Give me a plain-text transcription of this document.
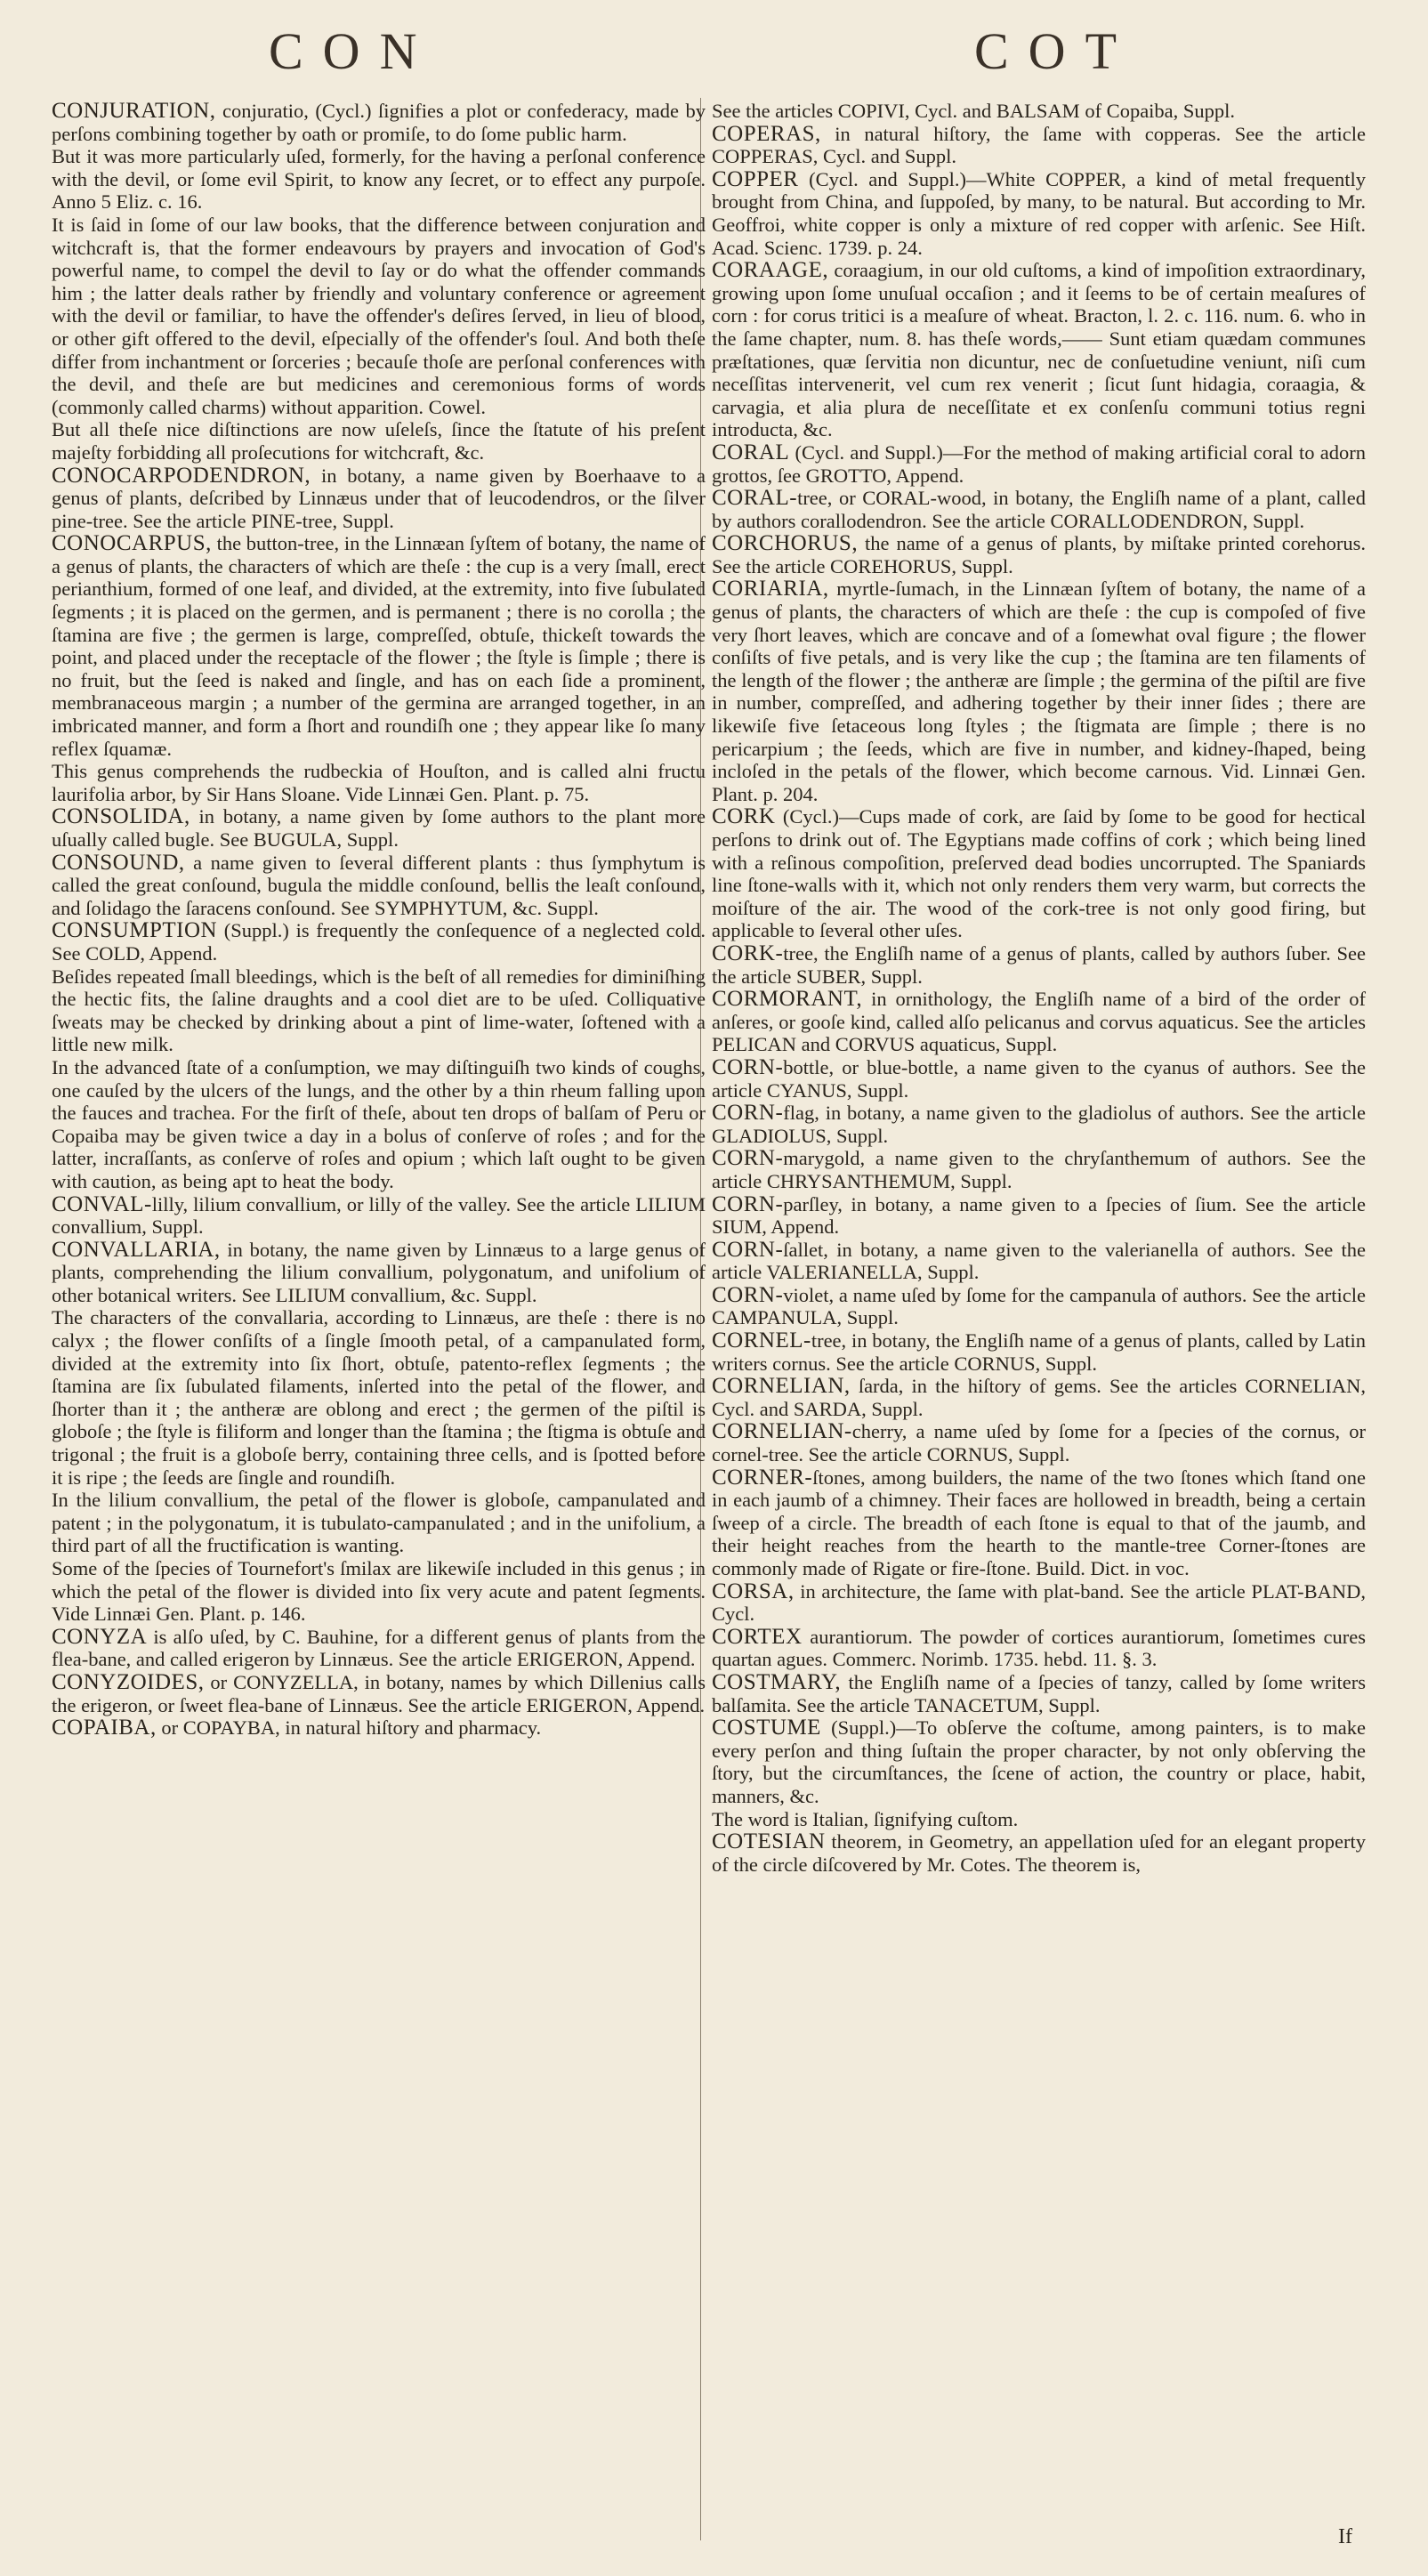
CON	COT

CONJURATION, conjuratio, (Cycl.) ſignifies a plot or confederacy, made by perſons combining together by oath or promiſe, to do ſome public harm.

But it was more particularly uſed, formerly, for the having a perſonal conference with the devil, or ſome evil Spirit, to know any ſecret, or to effect any purpoſe. Anno 5 Eliz. c. 16.

It is ſaid in ſome of our law books, that the difference between conjuration and witchcraft is, that the former endeavours by prayers and invocation of God's powerful name, to compel the devil to ſay or do what the offender commands him ; the latter deals rather by friendly and voluntary conference or agreement with the devil or familiar, to have the offender's deſires ſerved, in lieu of blood, or other gift offered to the devil, eſpecially of the offender's ſoul. And both theſe differ from inchantment or ſorceries ; becauſe thoſe are perſonal conferences with the devil, and theſe are but medicines and ceremonious forms of words (commonly called charms) without apparition. Cowel.

But all theſe nice diſtinctions are now uſeleſs, ſince the ſtatute of his preſent majeſty forbidding all proſecutions for witchcraft, &c.

CONOCARPODENDRON, in botany, a name given by Boerhaave to a genus of plants, deſcribed by Linnæus under that of leucodendros, or the ſilver pine-tree. See the article PINE-tree, Suppl.

CONOCARPUS, the button-tree, in the Linnæan ſyſtem of botany, the name of a genus of plants, the characters of which are theſe : the cup is a very ſmall, erect perianthium, formed of one leaf, and divided, at the extremity, into five ſubulated ſegments ; it is placed on the germen, and is permanent ; there is no corolla ; the ſtamina are five ; the germen is large, compreſſed, obtuſe, thickeſt towards the point, and placed under the receptacle of the flower ; the ſtyle is ſimple ; there is no fruit, but the ſeed is naked and ſingle, and has on each ſide a prominent, membranaceous margin ; a number of the germina are arranged together, in an imbricated manner, and form a ſhort and roundiſh one ; they appear like ſo many reflex ſquamæ.

This genus comprehends the rudbeckia of Houſton, and is called alni fructu laurifolia arbor, by Sir Hans Sloane. Vide Linnæi Gen. Plant. p. 75.

CONSOLIDA, in botany, a name given by ſome authors to the plant more uſually called bugle. See BUGULA, Suppl.

CONSOUND, a name given to ſeveral different plants : thus ſymphytum is called the great conſound, bugula the middle conſound, bellis the leaſt conſound, and ſolidago the ſaracens conſound. See SYMPHYTUM, &c. Suppl.

CONSUMPTION (Suppl.) is frequently the conſequence of a neglected cold. See COLD, Append.

Beſides repeated ſmall bleedings, which is the beſt of all remedies for diminiſhing the hectic fits, the ſaline draughts and a cool diet are to be uſed. Colliquative ſweats may be checked by drinking about a pint of lime-water, ſoftened with a little new milk.

In the advanced ſtate of a conſumption, we may diſtinguiſh two kinds of coughs, one cauſed by the ulcers of the lungs, and the other by a thin rheum falling upon the fauces and trachea. For the firſt of theſe, about ten drops of balſam of Peru or Copaiba may be given twice a day in a bolus of conſerve of roſes ; and for the latter, incraſſants, as conſerve of roſes and opium ; which laſt ought to be given with caution, as being apt to heat the body.

CONVAL-lilly, lilium convallium, or lilly of the valley. See the article LILIUM convallium, Suppl.

CONVALLARIA, in botany, the name given by Linnæus to a large genus of plants, comprehending the lilium convallium, polygonatum, and unifolium of other botanical writers. See LILIUM convallium, &c. Suppl.

The characters of the convallaria, according to Linnæus, are theſe : there is no calyx ; the flower conſiſts of a ſingle ſmooth petal, of a campanulated form, divided at the extremity into ſix ſhort, obtuſe, patento-reflex ſegments ; the ſtamina are ſix ſubulated filaments, inſerted into the petal of the flower, and ſhorter than it ; the antheræ are oblong and erect ; the germen of the piſtil is globoſe ; the ſtyle is filiform and longer than the ſtamina ; the ſtigma is obtuſe and trigonal ; the fruit is a globoſe berry, containing three cells, and is ſpotted before it is ripe ; the ſeeds are ſingle and roundiſh.

In the lilium convallium, the petal of the flower is globoſe, campanulated and patent ; in the polygonatum, it is tubulato-campanulated ; and in the unifolium, a third part of all the fructification is wanting.

Some of the ſpecies of Tournefort's ſmilax are likewiſe included in this genus ; in which the petal of the flower is divided into ſix very acute and patent ſegments. Vide Linnæi Gen. Plant. p. 146.

CONYZA is alſo uſed, by C. Bauhine, for a different genus of plants from the flea-bane, and called erigeron by Linnæus. See the article ERIGERON, Append.

CONYZOIDES, or CONYZELLA, in botany, names by which Dillenius calls the erigeron, or ſweet flea-bane of Linnæus. See the article ERIGERON, Append.

COPAIBA, or COPAYBA, in natural hiſtory and pharmacy.

See the articles COPIVI, Cycl. and BALSAM of Copaiba, Suppl.

COPERAS, in natural hiſtory, the ſame with copperas. See the article COPPERAS, Cycl. and Suppl.

COPPER (Cycl. and Suppl.)—White COPPER, a kind of metal frequently brought from China, and ſuppoſed, by many, to be natural. But according to Mr. Geoffroi, white copper is only a mixture of red copper with arſenic. See Hiſt. Acad. Scienc. 1739. p. 24.

CORAAGE, coraagium, in our old cuſtoms, a kind of impoſition extraordinary, growing upon ſome unuſual occaſion ; and it ſeems to be of certain meaſures of corn : for corus tritici is a meaſure of wheat. Bracton, l. 2. c. 116. num. 6. who in the ſame chapter, num. 8. has theſe words,—— Sunt etiam quædam communes præſtationes, quæ ſervitia non dicuntur, nec de conſuetudine veniunt, niſi cum neceſſitas intervenerit, vel cum rex venerit ; ſicut ſunt hidagia, coraagia, & carvagia, et alia plura de neceſſitate et ex conſenſu communi totius regni introducta, &c.

CORAL (Cycl. and Suppl.)—For the method of making artificial coral to adorn grottos, ſee GROTTO, Append.

CORAL-tree, or CORAL-wood, in botany, the Engliſh name of a plant, called by authors corallodendron. See the article CORALLODENDRON, Suppl.

CORCHORUS, the name of a genus of plants, by miſtake printed corehorus. See the article COREHORUS, Suppl.

CORIARIA, myrtle-ſumach, in the Linnæan ſyſtem of botany, the name of a genus of plants, the characters of which are theſe : the cup is compoſed of five very ſhort leaves, which are concave and of a ſomewhat oval figure ; the flower conſiſts of five petals, and is very like the cup ; the ſtamina are ten filaments of the length of the flower ; the antheræ are ſimple ; the germina of the piſtil are five in number, compreſſed, and adhering together by their inner ſides ; there are likewiſe five ſetaceous long ſtyles ; the ſtigmata are ſimple ; there is no pericarpium ; the ſeeds, which are five in number, and kidney-ſhaped, being incloſed in the petals of the flower, which become carnous. Vid. Linnæi Gen. Plant. p. 204.

CORK (Cycl.)—Cups made of cork, are ſaid by ſome to be good for hectical perſons to drink out of. The Egyptians made coffins of cork ; which being lined with a reſinous compoſition, preſerved dead bodies uncorrupted. The Spaniards line ſtone-walls with it, which not only renders them very warm, but corrects the moiſture of the air. The wood of the cork-tree is not only good firing, but applicable to ſeveral other uſes.

CORK-tree, the Engliſh name of a genus of plants, called by authors ſuber. See the article SUBER, Suppl.

CORMORANT, in ornithology, the Engliſh name of a bird of the order of anſeres, or gooſe kind, called alſo pelicanus and corvus aquaticus. See the articles PELICAN and CORVUS aquaticus, Suppl.

CORN-bottle, or blue-bottle, a name given to the cyanus of authors. See the article CYANUS, Suppl.

CORN-flag, in botany, a name given to the gladiolus of authors. See the article GLADIOLUS, Suppl.

CORN-marygold, a name given to the chryſanthemum of authors. See the article CHRYSANTHEMUM, Suppl.

CORN-parſley, in botany, a name given to a ſpecies of ſium. See the article SIUM, Append.

CORN-ſallet, in botany, a name given to the valerianella of authors. See the article VALERIANELLA, Suppl.

CORN-violet, a name uſed by ſome for the campanula of authors. See the article CAMPANULA, Suppl.

CORNEL-tree, in botany, the Engliſh name of a genus of plants, called by Latin writers cornus. See the article CORNUS, Suppl.

CORNELIAN, ſarda, in the hiſtory of gems. See the articles CORNELIAN, Cycl. and SARDA, Suppl.

CORNELIAN-cherry, a name uſed by ſome for a ſpecies of the cornus, or cornel-tree. See the article CORNUS, Suppl.

CORNER-ſtones, among builders, the name of the two ſtones which ſtand one in each jaumb of a chimney. Their faces are hollowed in breadth, being a certain ſweep of a circle. The breadth of each ſtone is equal to that of the jaumb, and their height reaches from the hearth to the mantle-tree Corner-ſtones are commonly made of Rigate or fire-ſtone. Build. Dict. in voc.

CORSA, in architecture, the ſame with plat-band. See the article PLAT-BAND, Cycl.

CORTEX aurantiorum. The powder of cortices aurantiorum, ſometimes cures quartan agues. Commerc. Norimb. 1735. hebd. 11. §. 3.

COSTMARY, the Engliſh name of a ſpecies of tanzy, called by ſome writers balſamita. See the article TANACETUM, Suppl.

COSTUME (Suppl.)—To obſerve the coſtume, among painters, is to make every perſon and thing ſuſtain the proper character, by not only obſerving the ſtory, but the circumſtances, the ſcene of action, the country or place, habit, manners, &c.

The word is Italian, ſignifying cuſtom.

COTESIAN theorem, in Geometry, an appellation uſed for an elegant property of the circle diſcovered by Mr. Cotes. The theorem is,

If
